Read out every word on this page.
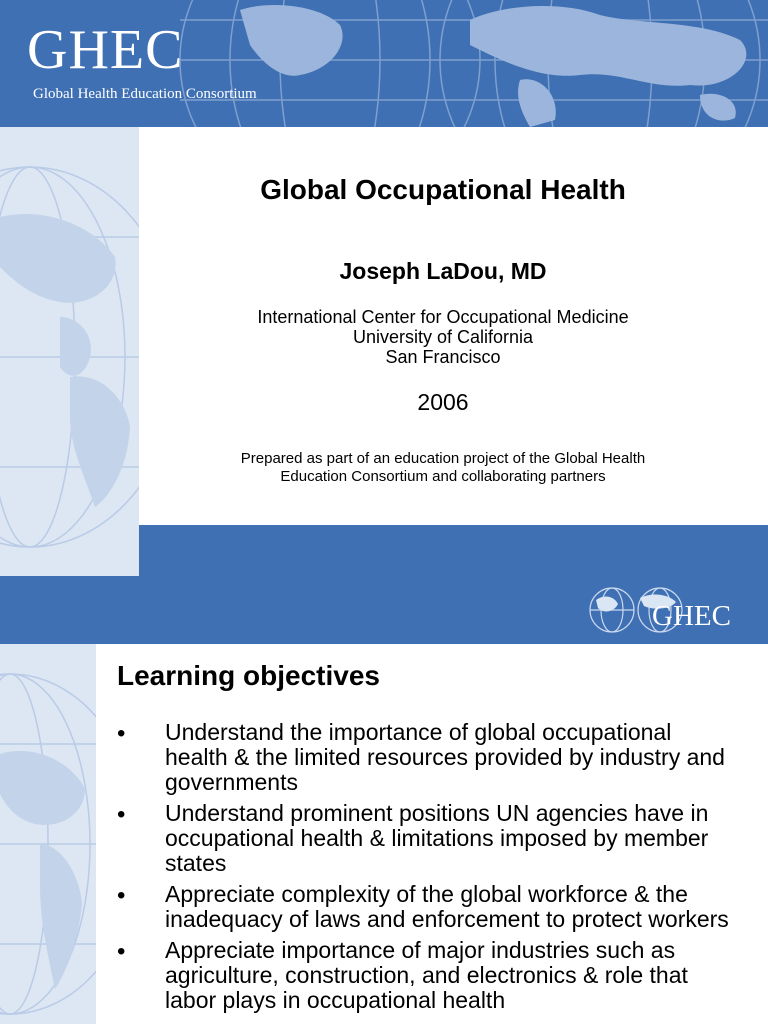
GHEC
Global Health Education Consortium
Global Occupational Health
Joseph LaDou, MD
International Center for Occupational Medicine
University of California
San Francisco
2006
Prepared as part of an education project of the Global Health
Education Consortium and collaborating partners
GHEC
Learning objectives
• Understand the importance of global occupational
health & the limited resources provided by industry and
governments
• Understand prominent positions UN agencies have in
occupational health & limitations imposed by member
states
• Appreciate complexity of the global workforce & the
inadequacy of laws and enforcement to protect workers
• Appreciate importance of major industries such as
agriculture, construction, and electronics & role that
labor plays in occupational health
